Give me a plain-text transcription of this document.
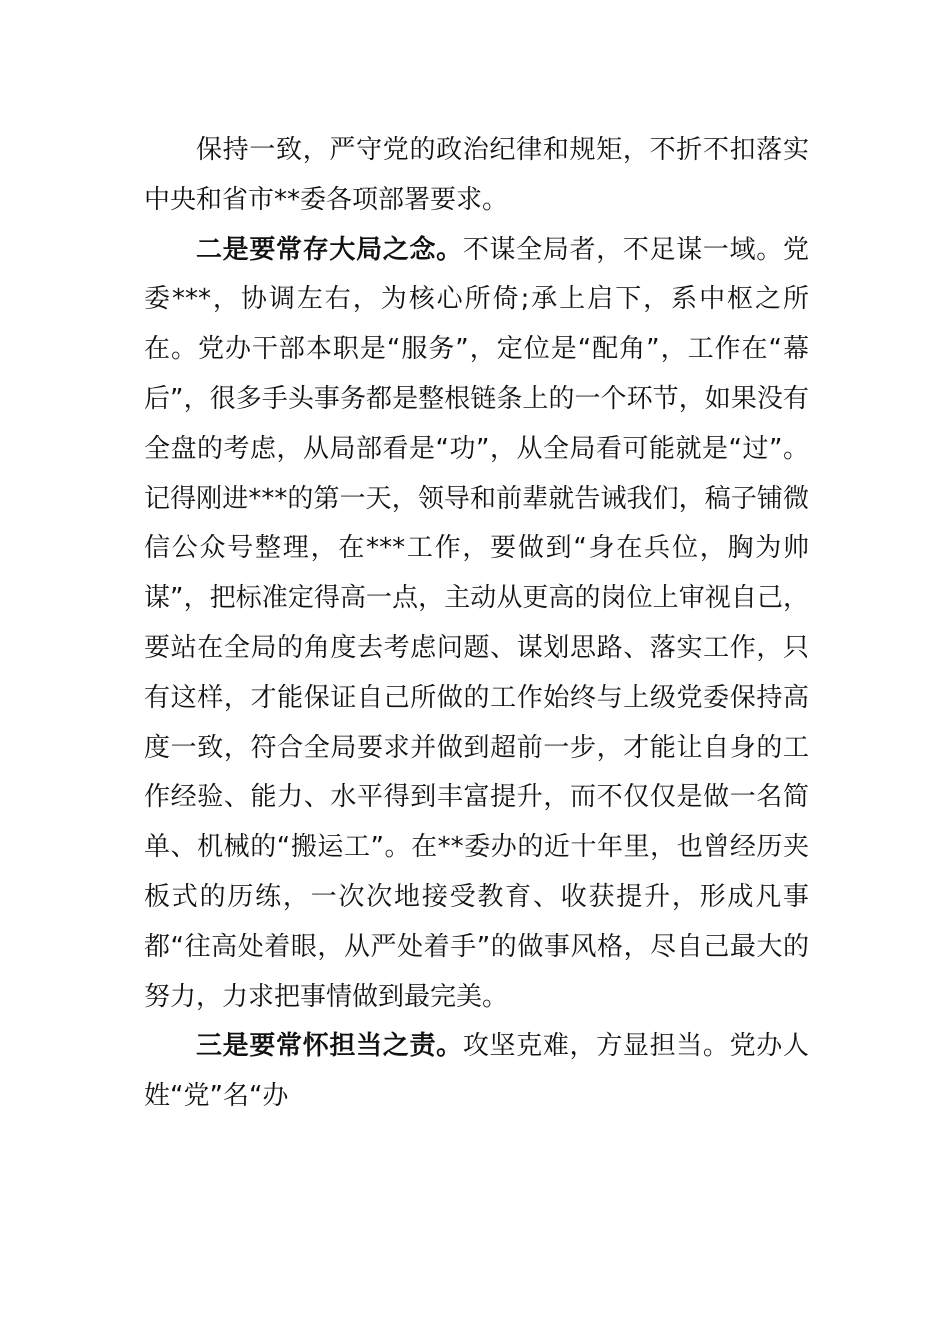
保持一致，严守党的政治纪律和规矩，不折不扣落实中央和省市**委各项部署要求。

二是要常存大局之念。不谋全局者，不足谋一域。党委***，协调左右，为核心所倚;承上启下，系中枢之所在。党办干部本职是“服务”，定位是“配角”，工作在“幕后”，很多手头事务都是整根链条上的一个环节，如果没有全盘的考虑，从局部看是“功”，从全局看可能就是“过”。记得刚进***的第一天，领导和前辈就告诫我们，稿子铺微信公众号整理，在***工作，要做到“身在兵位，胸为帅谋”，把标准定得高一点，主动从更高的岗位上审视自己，要站在全局的角度去考虑问题、谋划思路、落实工作，只有这样，才能保证自己所做的工作始终与上级党委保持高度一致，符合全局要求并做到超前一步，才能让自身的工作经验、能力、水平得到丰富提升，而不仅仅是做一名简单、机械的“搬运工”。在**委办的近十年里，也曾经历夹板式的历练，一次次地接受教育、收获提升，形成凡事都“往高处着眼，从严处着手”的做事风格，尽自己最大的努力，力求把事情做到最完美。

三是要常怀担当之责。攻坚克难，方显担当。党办人姓“党”名“办
